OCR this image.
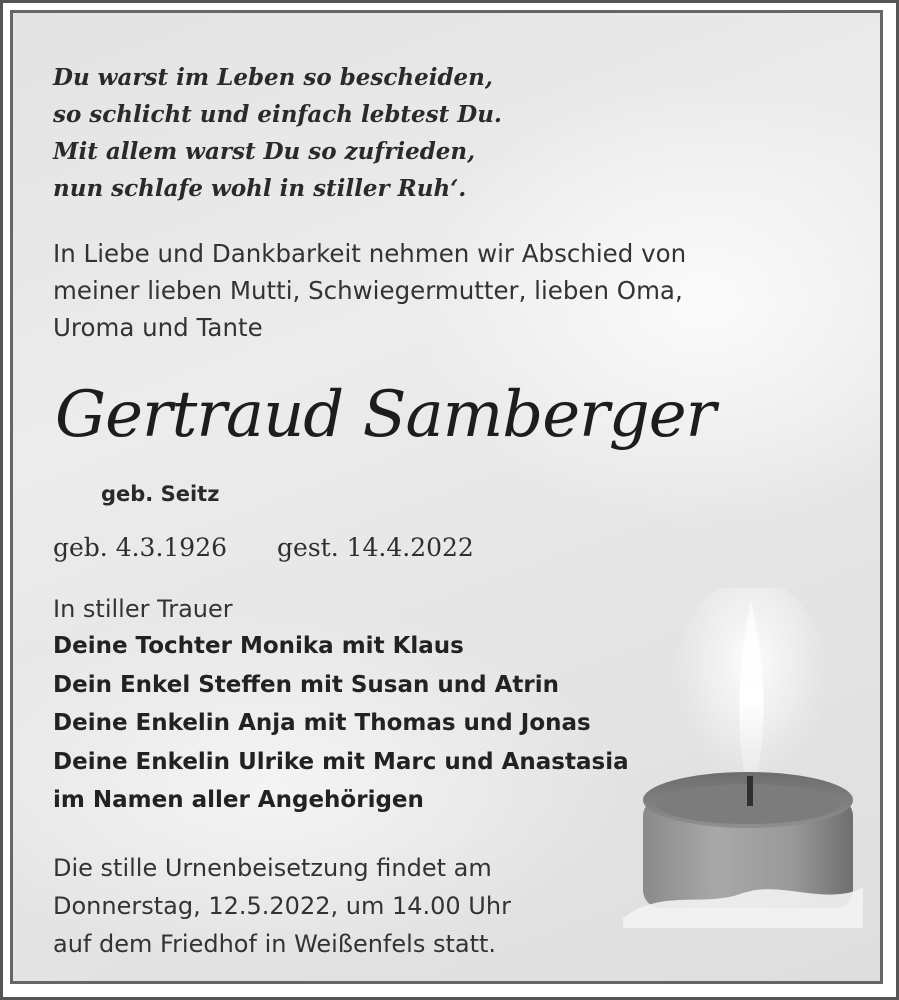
Du warst im Leben so bescheiden,
so schlicht und einfach lebtest Du.
Mit allem warst Du so zufrieden,
nun schlafe wohl in stiller Ruh‘.

In Liebe und Dankbarkeit nehmen wir Abschied von
meiner lieben Mutti, Schwiegermutter, lieben Oma,
Uroma und Tante

Gertraud Samberger
geb. Seitz
geb. 4.3.1926 gest. 14.4.2022
In stiller Trauer
Deine Tochter Monika mit Klaus
Dein Enkel Steffen mit Susan und Atrin
Deine Enkelin Anja mit Thomas und Jonas
Deine Enkelin Ulrike mit Marc und Anastasia
im Namen aller Angehörigen

Die stille Urnenbeisetzung findet am
Donnerstag, 12.5.2022, um 14.00 Uhr
auf dem Friedhof in Weißenfels statt.
